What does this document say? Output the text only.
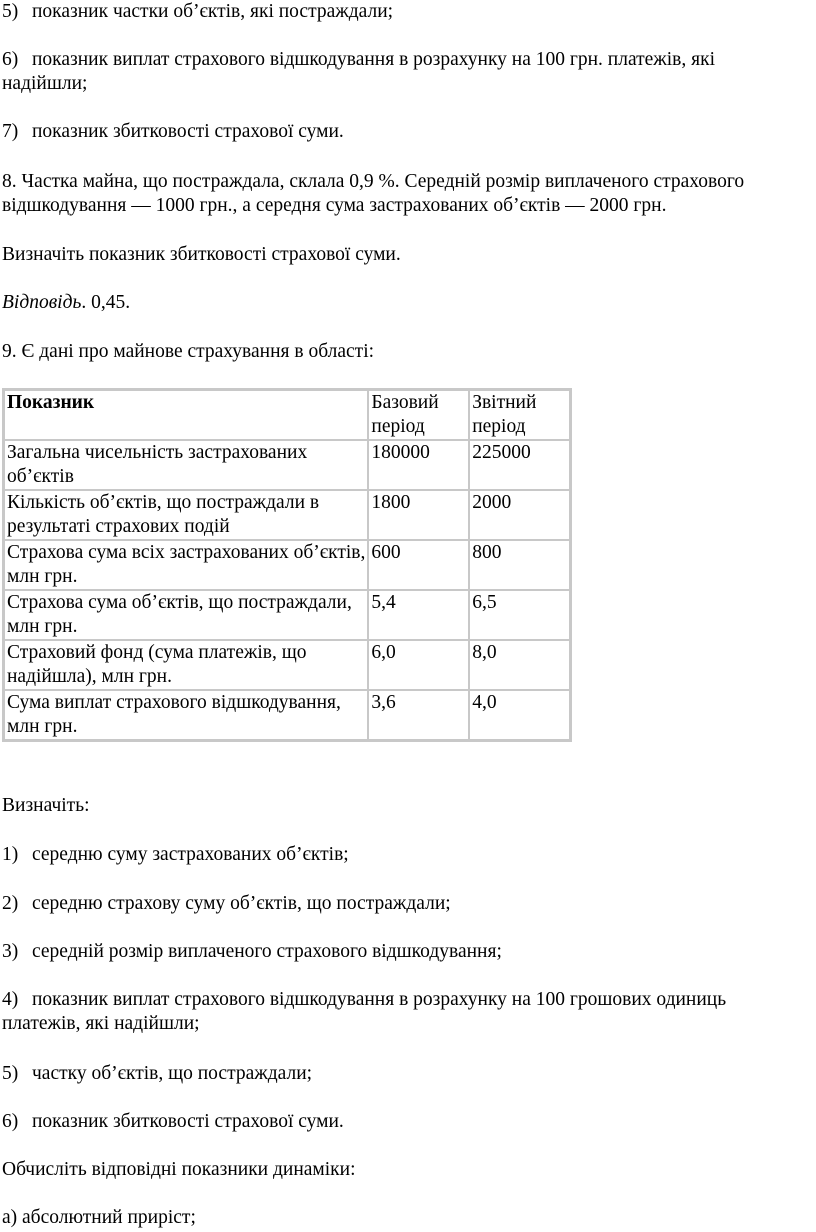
5) показник частки об’єктів, які постраждали;

6) показник виплат страхового відшкодування в розрахунку на 100 грн. платежів, які надійшли;

7) показник збитковості страхової суми.

8. Частка майна, що постраждала, склала 0,9 %. Середній розмір виплаченого страхового відшкодування — 1000 грн., а середня сума застрахованих об’єктів — 2000 грн.

Визначіть показник збитковості страхової суми.

Відповідь. 0,45.

9. Є дані про майнове страхування в області:

Показник	Базовий період	Звітний період
Загальна чисельність застрахованих об’єктів	180000	225000
Кількість об’єктів, що постраждали в результаті страхових подій	1800	2000
Страхова сума всіх застрахованих об’єктів, млн грн.	600	800
Страхова сума об’єктів, що постраждали, млн грн.	5,4	6,5
Страховий фонд (сума платежів, що надійшла), млн грн.	6,0	8,0
Сума виплат страхового відшкодування, млн грн.	3,6	4,0

Визначіть:

1) середню суму застрахованих об’єктів;

2) середню страхову суму об’єктів, що постраждали;

3) середній розмір виплаченого страхового відшкодування;

4) показник виплат страхового відшкодування в розрахунку на 100 грошових одиниць платежів, які надійшли;

5) частку об’єктів, що постраждали;

6) показник збитковості страхової суми.

Обчисліть відповідні показники динаміки:

а) абсолютний приріст;
